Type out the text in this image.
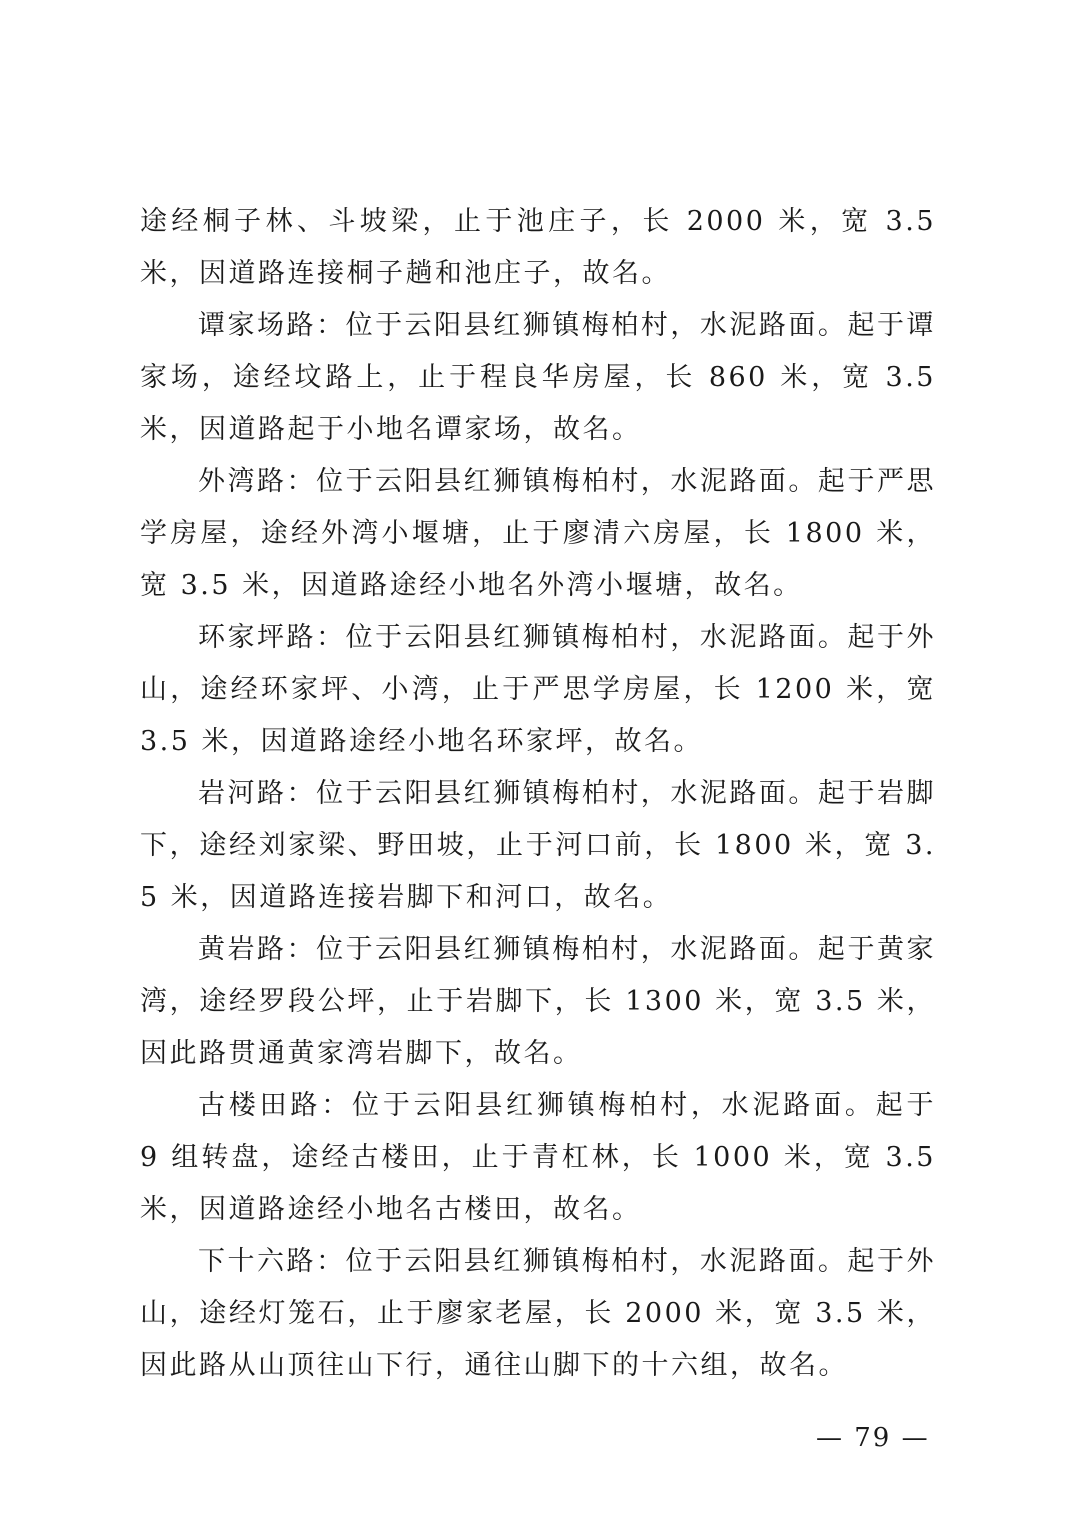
途经桐子林、斗坡梁，止于池庄子，长 2000 米，宽 3.5 米，因道路连接桐子趟和池庄子，故名。

谭家场路：位于云阳县红狮镇梅柏村，水泥路面。起于谭家场，途经坟路上，止于程良华房屋，长 860 米，宽 3.5 米，因道路起于小地名谭家场，故名。

外湾路：位于云阳县红狮镇梅柏村，水泥路面。起于严思学房屋，途经外湾小堰塘，止于廖清六房屋，长 1800 米，宽 3.5 米，因道路途经小地名外湾小堰塘，故名。

环家坪路：位于云阳县红狮镇梅柏村，水泥路面。起于外山，途经环家坪、小湾，止于严思学房屋，长 1200 米，宽 3.5 米，因道路途经小地名环家坪，故名。

岩河路：位于云阳县红狮镇梅柏村，水泥路面。起于岩脚下，途经刘家梁、野田坡，止于河口前，长 1800 米，宽 3.5 米，因道路连接岩脚下和河口，故名。

黄岩路：位于云阳县红狮镇梅柏村，水泥路面。起于黄家湾，途经罗段公坪，止于岩脚下，长 1300 米，宽 3.5 米，因此路贯通黄家湾岩脚下，故名。

古楼田路：位于云阳县红狮镇梅柏村，水泥路面。起于 9 组转盘，途经古楼田，止于青杠林，长 1000 米，宽 3.5 米，因道路途经小地名古楼田，故名。

下十六路：位于云阳县红狮镇梅柏村，水泥路面。起于外山，途经灯笼石，止于廖家老屋，长 2000 米，宽 3.5 米，因此路从山顶往山下行，通往山脚下的十六组，故名。

— 79 —
